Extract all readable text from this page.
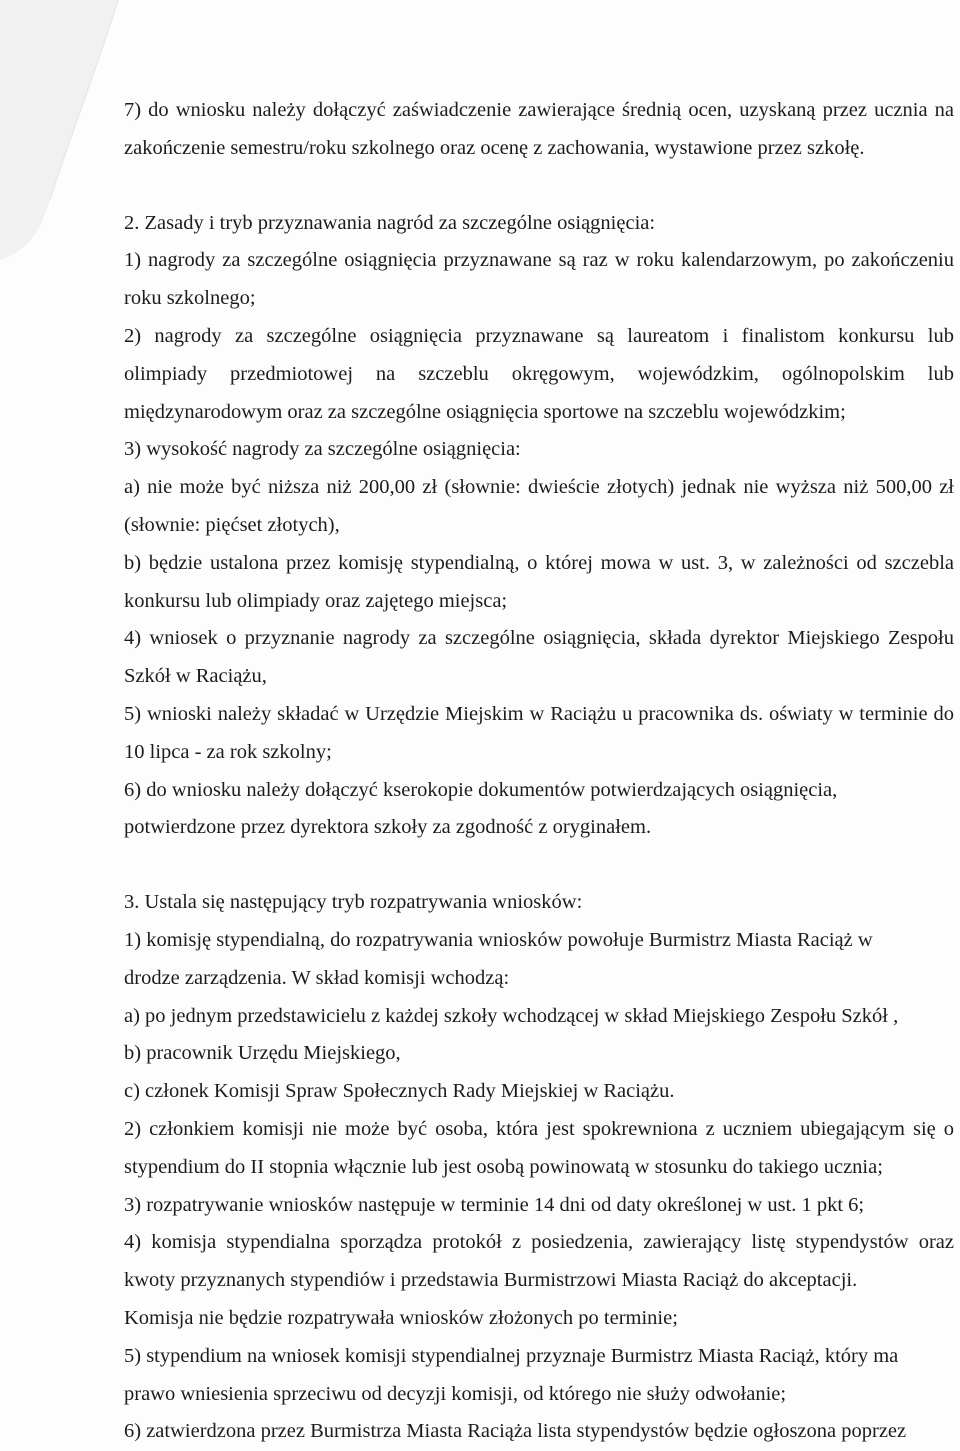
7) do wniosku należy dołączyć zaświadczenie zawierające średnią ocen, uzyskaną przez ucznia na
zakończenie semestru/roku szkolnego oraz ocenę z zachowania, wystawione przez szkołę.
2. Zasady i tryb przyznawania nagród za szczególne osiągnięcia:
1) nagrody za szczególne osiągnięcia przyznawane są raz w roku kalendarzowym, po zakończeniu
roku szkolnego;
2) nagrody za szczególne osiągnięcia przyznawane są laureatom i finalistom konkursu lub
olimpiady przedmiotowej na szczeblu okręgowym, wojewódzkim, ogólnopolskim lub
międzynarodowym oraz za szczególne osiągnięcia sportowe na szczeblu wojewódzkim;
3) wysokość nagrody za szczególne osiągnięcia:
a) nie może być niższa niż 200,00 zł (słownie: dwieście złotych) jednak nie wyższa niż 500,00 zł
(słownie: pięćset złotych),
b) będzie ustalona przez komisję stypendialną, o której mowa w ust. 3, w zależności od szczebla
konkursu lub olimpiady oraz zajętego miejsca;
4) wniosek o przyznanie nagrody za szczególne osiągnięcia, składa dyrektor Miejskiego Zespołu
Szkół w Raciążu,
5) wnioski należy składać w Urzędzie Miejskim w Raciążu u pracownika ds. oświaty w terminie do
10 lipca - za rok szkolny;
6) do wniosku należy dołączyć kserokopie dokumentów potwierdzających osiągnięcia,
potwierdzone przez dyrektora szkoły za zgodność z oryginałem.
3. Ustala się następujący tryb rozpatrywania wniosków:
1) komisję stypendialną, do rozpatrywania wniosków powołuje Burmistrz Miasta Raciąż w
drodze zarządzenia. W skład komisji wchodzą:
a) po jednym przedstawicielu z każdej szkoły wchodzącej w skład Miejskiego Zespołu Szkół ,
b) pracownik Urzędu Miejskiego,
c) członek Komisji Spraw Społecznych Rady Miejskiej w Raciążu.
2) członkiem komisji nie może być osoba, która jest spokrewniona z uczniem ubiegającym się o
stypendium do II stopnia włącznie lub jest osobą powinowatą w stosunku do takiego ucznia;
3) rozpatrywanie wniosków następuje w terminie 14 dni od daty określonej w ust. 1 pkt 6;
4) komisja stypendialna sporządza protokół z posiedzenia, zawierający listę stypendystów oraz
kwoty przyznanych stypendiów i przedstawia Burmistrzowi Miasta Raciąż do akceptacji.
Komisja nie będzie rozpatrywała wniosków złożonych po terminie;
5) stypendium na wniosek komisji stypendialnej przyznaje Burmistrz Miasta Raciąż, który ma
prawo wniesienia sprzeciwu od decyzji komisji, od którego nie służy odwołanie;
6) zatwierdzona przez Burmistrza Miasta Raciąża lista stypendystów będzie ogłoszona poprzez
